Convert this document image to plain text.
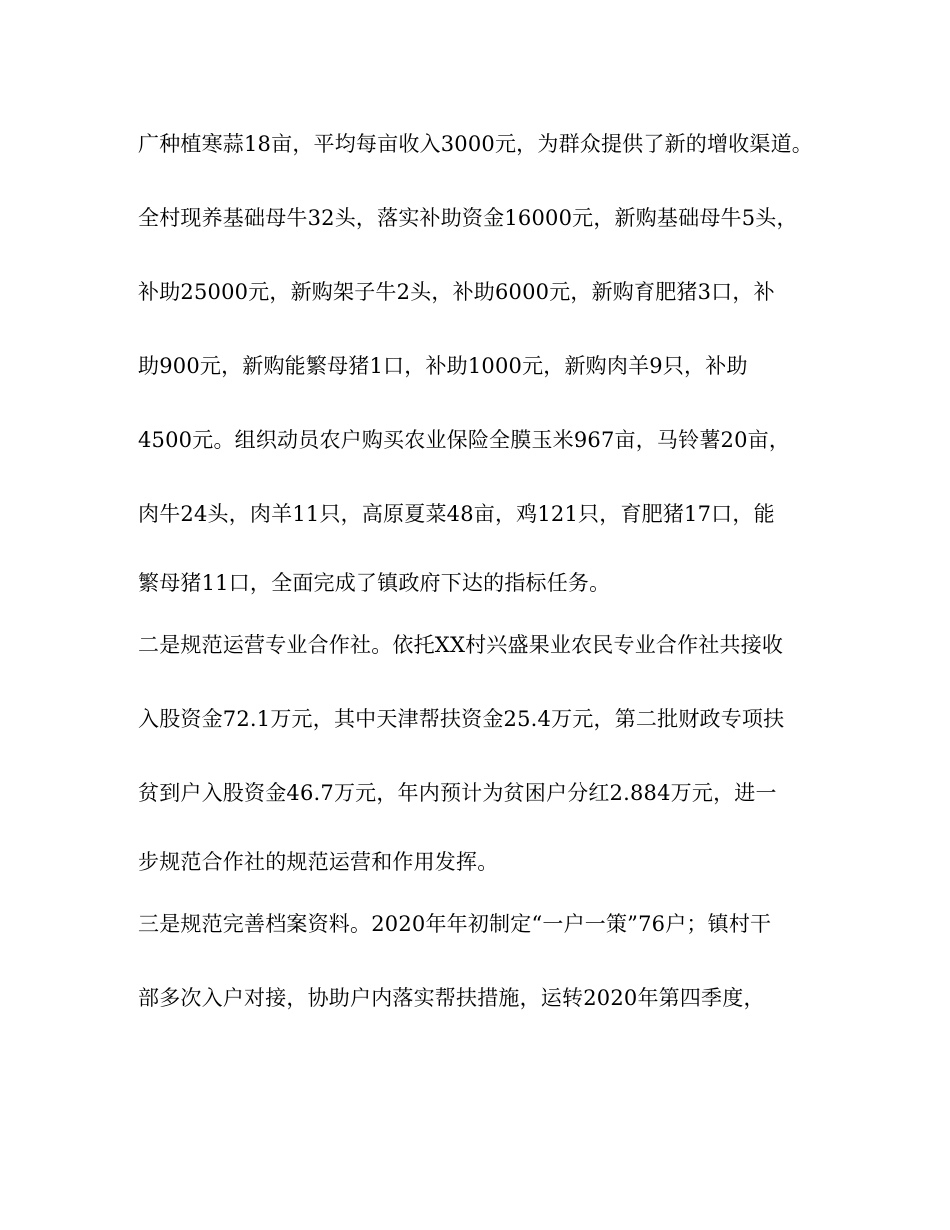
广种植寒蒜18亩，平均每亩收入3000元，为群众提供了新的增收渠道。
全村现养基础母牛32头，落实补助资金16000元，新购基础母牛5头，
补助25000元，新购架子牛2头，补助6000元，新购育肥猪3口，补
助900元，新购能繁母猪1口，补助1000元，新购肉羊9只，补助
4500元。组织动员农户购买农业保险全膜玉米967亩，马铃薯20亩，
肉牛24头，肉羊11只，高原夏菜48亩，鸡121只，育肥猪17口，能
繁母猪11口，全面完成了镇政府下达的指标任务。
二是规范运营专业合作社。依托XX村兴盛果业农民专业合作社共接收
入股资金72.1万元，其中天津帮扶资金25.4万元，第二批财政专项扶
贫到户入股资金46.7万元，年内预计为贫困户分红2.884万元，进一
步规范合作社的规范运营和作用发挥。
三是规范完善档案资料。2020年年初制定“一户一策”76户；镇村干
部多次入户对接，协助户内落实帮扶措施，运转2020年第四季度，
